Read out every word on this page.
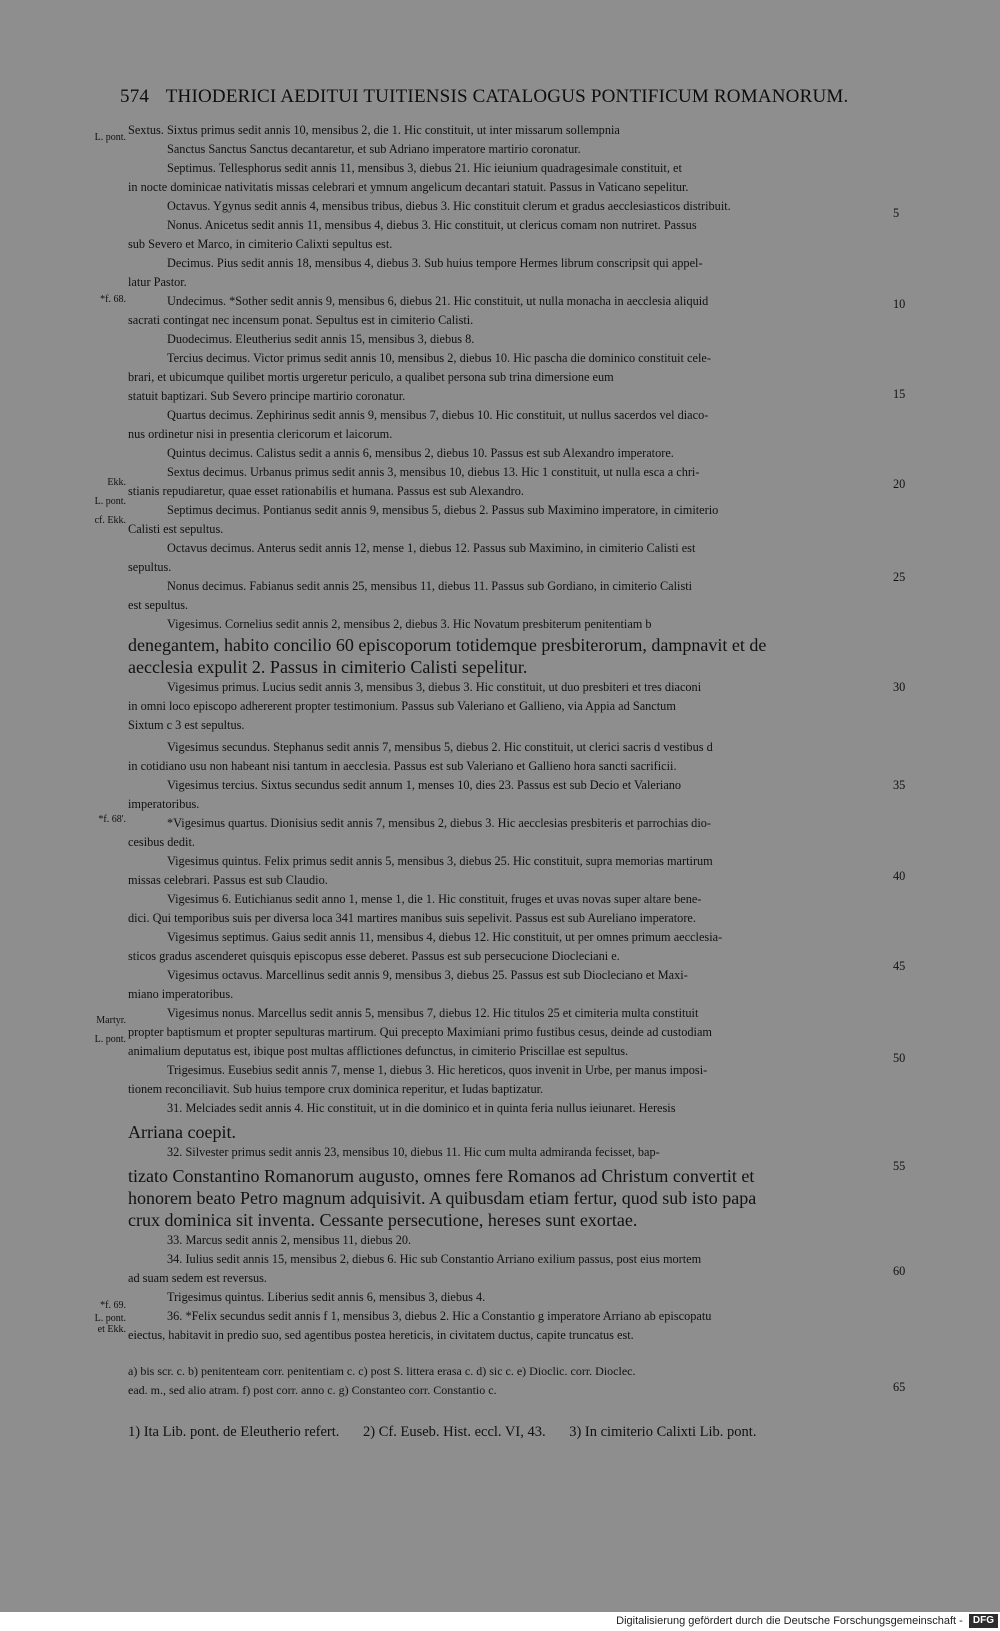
574 THIODERICI AEDITUI TUITIENSIS CATALOGUS PONTIFICUM ROMANORUM.
Sextus. Sixtus primus sedit annis 10, mensibus 2, die 1. Hic constituit, ut inter missarum sollempnia
Sanctus Sanctus Sanctus decantaretur, et sub Adriano imperatore martirio coronatur.
Septimus. Tellesphorus sedit annis 11, mensibus 3, diebus 21. Hic ieiunium quadragesimale constituit, et
in nocte dominicae nativitatis missas celebrari et ymnum angelicum decantari statuit. Passus in Vaticano sepelitur.
Octavus. Ygynus sedit annis 4, mensibus tribus, diebus 3. Hic constituit clerum et gradus aecclesiasticos distribuit.
Nonus. Anicetus sedit annis 11, mensibus 4, diebus 3. Hic constituit, ut clericus comam non nutriret. Passus
sub Severo et Marco, in cimiterio Calixti sepultus est.
Decimus. Pius sedit annis 18, mensibus 4, diebus 3. Sub huius tempore Hermes librum conscripsit qui appel-
latur Pastor.
Undecimus. *Sother sedit annis 9, mensibus 6, diebus 21. Hic constituit, ut nulla monacha in aecclesia aliquid
sacrati contingat nec incensum ponat. Sepultus est in cimiterio Calisti.
Duodecimus. Eleutherius sedit annis 15, mensibus 3, diebus 8.
Tercius decimus. Victor primus sedit annis 10, mensibus 2, diebus 10. Hic pascha die dominico constituit cele-
brari, et ubicumque quilibet mortis urgeretur periculo, a qualibet persona sub trina dimersione eum
statuit baptizari. Sub Severo principe martirio coronatur.
Quartus decimus. Zephirinus sedit annis 9, mensibus 7, diebus 10. Hic constituit, ut nullus sacerdos vel diaco-
nus ordinetur nisi in presentia clericorum et laicorum.
Quintus decimus. Calistus sedit a annis 6, mensibus 2, diebus 10. Passus est sub Alexandro imperatore.
Sextus decimus. Urbanus primus sedit annis 3, mensibus 10, diebus 13. Hic 1 constituit, ut nulla esca a chri-
stianis repudiaretur, quae esset rationabilis et humana. Passus est sub Alexandro.
Septimus decimus. Pontianus sedit annis 9, mensibus 5, diebus 2. Passus sub Maximino imperatore, in cimiterio
Calisti est sepultus.
Octavus decimus. Anterus sedit annis 12, mense 1, diebus 12. Passus sub Maximino, in cimiterio Calisti est
sepultus.
Nonus decimus. Fabianus sedit annis 25, mensibus 11, diebus 11. Passus sub Gordiano, in cimiterio Calisti
est sepultus.
Vigesimus. Cornelius sedit annis 2, mensibus 2, diebus 3. Hic Novatum presbiterum penitentiam b
denegantem, habito concilio 60 episcoporum totidemque presbiterorum, dampnavit et de
aecclesia expulit 2. Passus in cimiterio Calisti sepelitur.
Vigesimus primus. Lucius sedit annis 3, mensibus 3, diebus 3. Hic constituit, ut duo presbiteri et tres diaconi
in omni loco episcopo adhererent propter testimonium. Passus sub Valeriano et Gallieno, via Appia ad Sanctum
Sixtum c 3 est sepultus.
Vigesimus secundus. Stephanus sedit annis 7, mensibus 5, diebus 2. Hic constituit, ut clerici sacris d vestibus d
in cotidiano usu non habeant nisi tantum in aecclesia. Passus est sub Valeriano et Gallieno hora sancti sacrificii.
Vigesimus tercius. Sixtus secundus sedit annum 1, menses 10, dies 23. Passus est sub Decio et Valeriano
imperatoribus.
*Vigesimus quartus. Dionisius sedit annis 7, mensibus 2, diebus 3. Hic aecclesias presbiteris et parrochias dio-
cesibus dedit.
Vigesimus quintus. Felix primus sedit annis 5, mensibus 3, diebus 25. Hic constituit, supra memorias martirum
missas celebrari. Passus est sub Claudio.
Vigesimus 6. Eutichianus sedit anno 1, mense 1, die 1. Hic constituit, fruges et uvas novas super altare bene-
dici. Qui temporibus suis per diversa loca 341 martires manibus suis sepelivit. Passus est sub Aureliano imperatore.
Vigesimus septimus. Gaius sedit annis 11, mensibus 4, diebus 12. Hic constituit, ut per omnes primum aecclesia-
sticos gradus ascenderet quisquis episcopus esse deberet. Passus est sub persecucione Diocleciani e.
Vigesimus octavus. Marcellinus sedit annis 9, mensibus 3, diebus 25. Passus est sub Diocleciano et Maxi-
miano imperatoribus.
Vigesimus nonus. Marcellus sedit annis 5, mensibus 7, diebus 12. Hic titulos 25 et cimiteria multa constituit
propter baptismum et propter sepulturas martirum. Qui precepto Maximiani primo fustibus cesus, deinde ad custodiam
animalium deputatus est, ibique post multas afflictiones defunctus, in cimiterio Priscillae est sepultus.
Trigesimus. Eusebius sedit annis 7, mense 1, diebus 3. Hic hereticos, quos invenit in Urbe, per manus imposi-
tionem reconciliavit. Sub huius tempore crux dominica reperitur, et Iudas baptizatur.
31. Melciades sedit annis 4. Hic constituit, ut in die dominico et in quinta feria nullus ieiunaret. Heresis
Arriana coepit.
32. Silvester primus sedit annis 23, mensibus 10, diebus 11. Hic cum multa admiranda fecisset, bap-
tizato Constantino Romanorum augusto, omnes fere Romanos ad Christum convertit et
honorem beato Petro magnum adquisivit. A quibusdam etiam fertur, quod sub isto papa
crux dominica sit inventa. Cessante persecutione, hereses sunt exortae.
33. Marcus sedit annis 2, mensibus 11, diebus 20.
34. Iulius sedit annis 15, mensibus 2, diebus 6. Hic sub Constantio Arriano exilium passus, post eius mortem
ad suam sedem est reversus.
Trigesimus quintus. Liberius sedit annis 6, mensibus 3, diebus 4.
36. *Felix secundus sedit annis f 1, mensibus 3, diebus 2. Hic a Constantio g imperatore Arriano ab episcopatu
eiectus, habitavit in predio suo, sed agentibus postea hereticis, in civitatem ductus, capite truncatus est.
5
10
15
20
25
30
35
40
45
50
55
60
65
L. pont.
*f. 68.
Ekk.
L. pont.
cf. Ekk.
*f. 68'.
Martyr.
L. pont.
*f. 69.
L. pont.
et Ekk.
a) bis scr. c. b) penitenteam corr. penitentiam c. c) post S. littera erasa c. d) sic c. e) Dioclic. corr. Dioclec.
ead. m., sed alio atram. f) post corr. anno c. g) Constanteo corr. Constantio c.
1) Ita Lib. pont. de Eleutherio refert. 2) Cf. Euseb. Hist. eccl. VI, 43. 3) In cimiterio Calixti Lib. pont.
Digitalisierung gefördert durch die Deutsche Forschungsgemeinschaft - DFG
